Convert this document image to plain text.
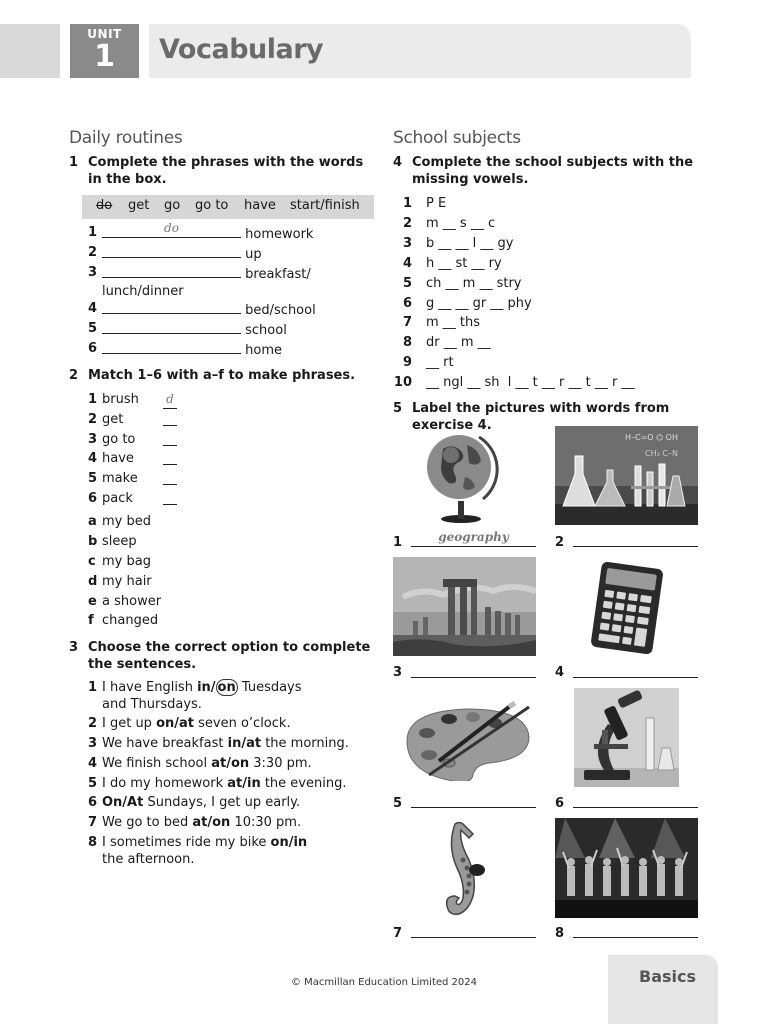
UNIT
1	Vocabulary
Daily routines
1 Complete the phrases with the words in the box.
do get go go to have start/finish
1	do	homework
2	up
3	breakfast/
lunch/dinner
4	bed/school
5	school
6	home
2 Match 1–6 with a–f to make phrases.
1 brush d
2 get
3 go to
4 have
5 make
6 pack
a my bed
b sleep
c my bag
d my hair
e a shower
f changed
3 Choose the correct option to complete the sentences.
1 I have English in/ on Tuesdays
and Thursdays.
2 I get up on/at seven o’clock.
3 We have breakfast in/at the morning.
4 We finish school at/on 3:30 pm.
5 I do my homework at/in the evening.
6 On/At Sundays, I get up early.
7 We go to bed at/on 10:30 pm.
8 I sometimes ride my bike on/in
the afternoon.
School subjects
4 Complete the school subjects with the missing vowels.
1 P E
2 m __ s __ c
3 b __ __ l __ gy
4 h __ st __ ry
5 ch __ m __ stry
6 g __ __ gr __ phy
7 m __ ths
8 dr __ m __
9 __ rt
10 __ ngl __ sh  l __ t __ r __ t __ r __
5 Label the pictures with words from exercise 4.
H–C=O ⌬ OH
CH₃ C–N
1	geography	2
3	4
5	6
7	8
© Macmillan Education Limited 2024	Basics
